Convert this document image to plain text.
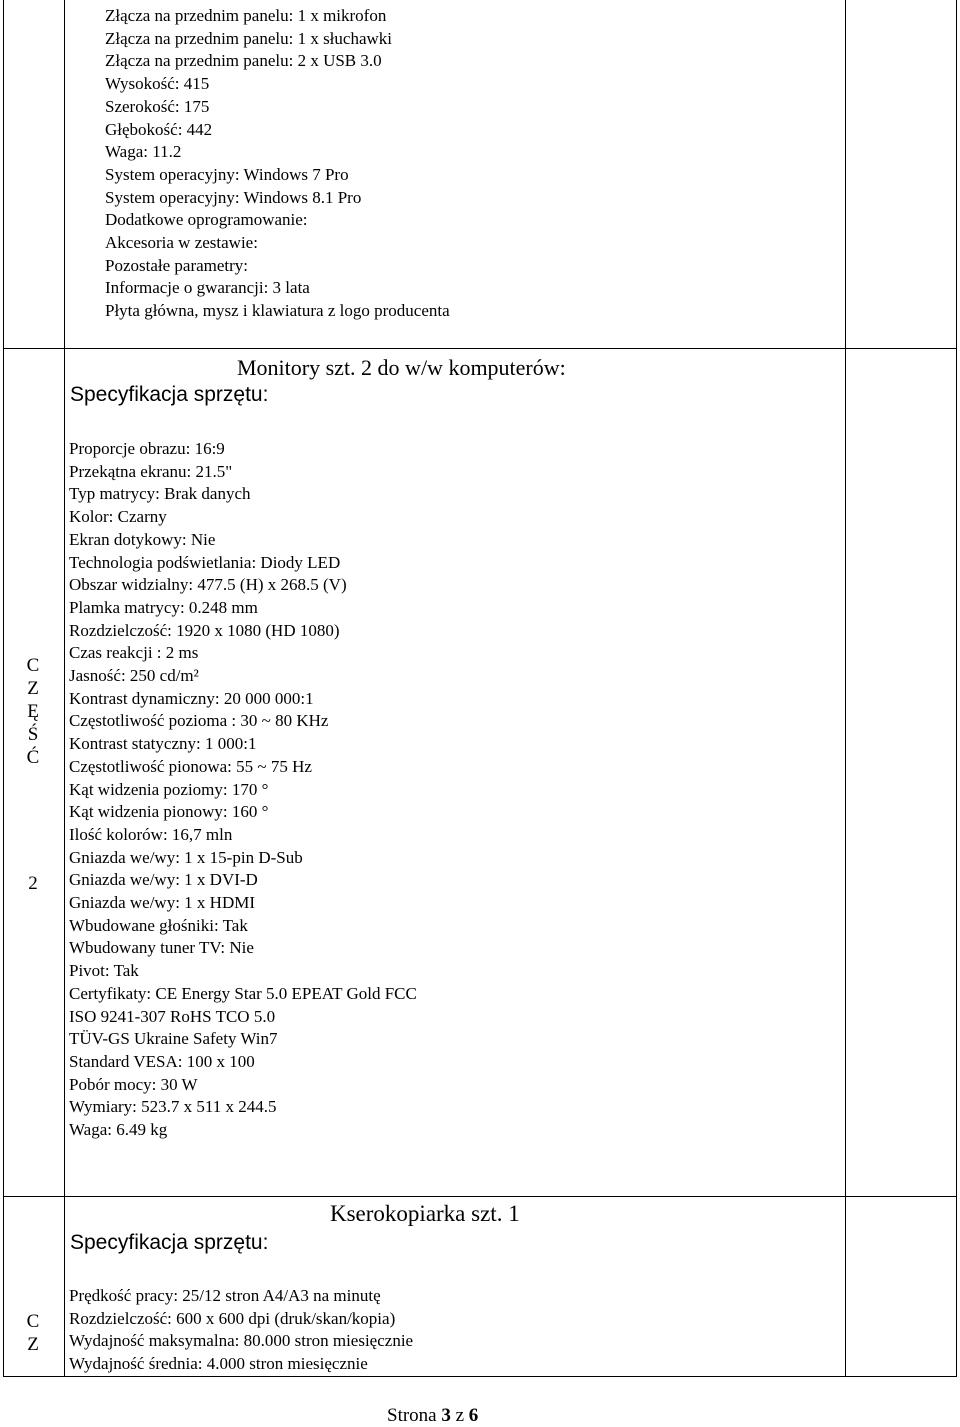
Złącza na przednim panelu: 1 x mikrofon
Złącza na przednim panelu: 1 x słuchawki
Złącza na przednim panelu: 2 x USB 3.0
Wysokość: 415
Szerokość: 175
Głębokość: 442
Waga: 11.2
System operacyjny: Windows 7 Pro
System operacyjny: Windows 8.1 Pro
Dodatkowe oprogramowanie:
Akcesoria w zestawie:
Pozostałe parametry:
Informacje o gwarancji: 3 lata
Płyta główna, mysz i klawiatura z logo producenta
C
Z
Ę
Ś
Ć
2
Monitory szt. 2 do w/w komputerów:
Specyfikacja sprzętu:
Proporcje obrazu: 16:9
Przekątna ekranu: 21.5"
Typ matrycy: Brak danych
Kolor: Czarny
Ekran dotykowy: Nie
Technologia podświetlania: Diody LED
Obszar widzialny: 477.5 (H) x 268.5 (V)
Plamka matrycy: 0.248 mm
Rozdzielczość: 1920 x 1080 (HD 1080)
Czas reakcji : 2 ms
Jasność: 250 cd/m²
Kontrast dynamiczny: 20 000 000:1
Częstotliwość pozioma : 30 ~ 80 KHz
Kontrast statyczny: 1 000:1
Częstotliwość pionowa: 55 ~ 75 Hz
Kąt widzenia poziomy: 170 °
Kąt widzenia pionowy: 160 °
Ilość kolorów: 16,7 mln
Gniazda we/wy: 1 x 15-pin D-Sub
Gniazda we/wy: 1 x DVI-D
Gniazda we/wy: 1 x HDMI
Wbudowane głośniki: Tak
Wbudowany tuner TV: Nie
Pivot: Tak
Certyfikaty: CE Energy Star 5.0 EPEAT Gold FCC
ISO 9241-307 RoHS TCO 5.0
TÜV-GS Ukraine Safety Win7
Standard VESA: 100 x 100
Pobór mocy: 30 W
Wymiary: 523.7 x 511 x 244.5
Waga: 6.49 kg
C
Z
Kserokopiarka szt. 1
Specyfikacja sprzętu:
Prędkość pracy: 25/12 stron A4/A3 na minutę
Rozdzielczość: 600 x 600 dpi (druk/skan/kopia)
Wydajność maksymalna: 80.000 stron miesięcznie
Wydajność średnia: 4.000 stron miesięcznie
Strona 3 z 6
